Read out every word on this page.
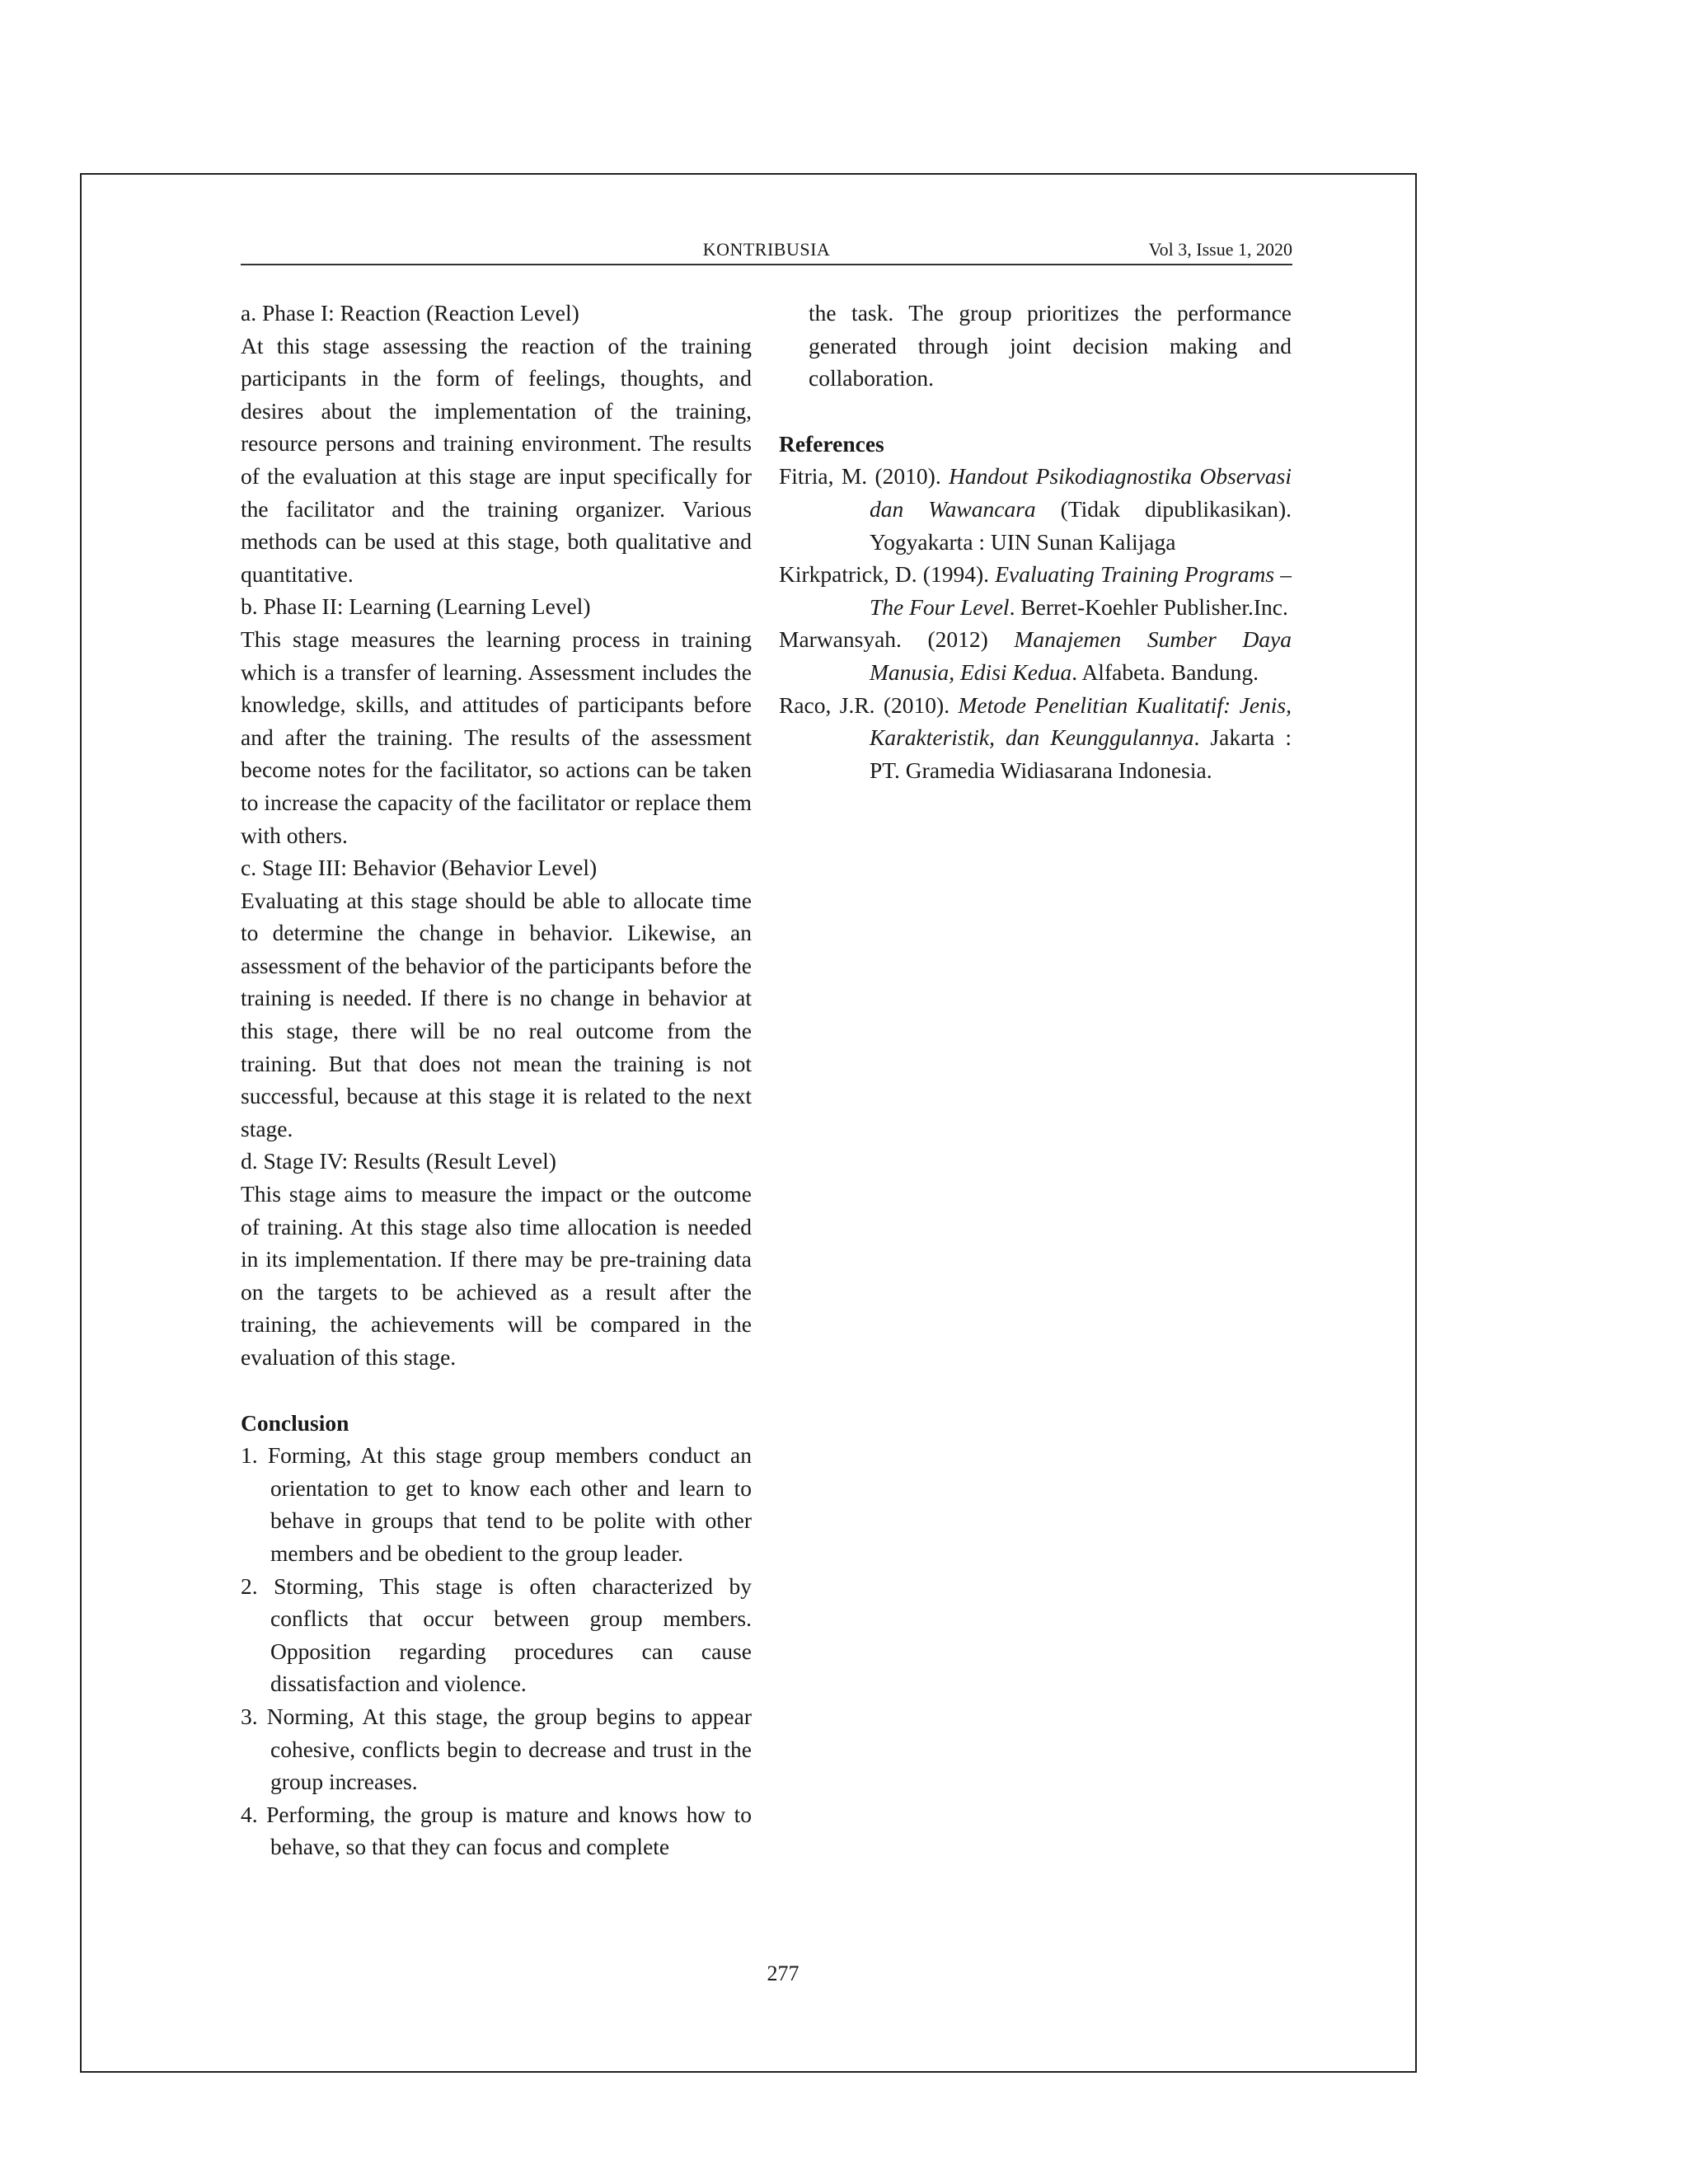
KONTRIBUSIA	Vol 3, Issue 1, 2020
a. Phase I: Reaction (Reaction Level)

At this stage assessing the reaction of the training participants in the form of feelings, thoughts, and desires about the implementation of the training, resource persons and training environment. The results of the evaluation at this stage are input specifically for the facilitator and the training organizer. Various methods can be used at this stage, both qualitative and quantitative.

b. Phase II: Learning (Learning Level)

This stage measures the learning process in training which is a transfer of learning. Assessment includes the knowledge, skills, and attitudes of participants before and after the training. The results of the assessment become notes for the facilitator, so actions can be taken to increase the capacity of the facilitator or replace them with others.

c. Stage III: Behavior (Behavior Level)

Evaluating at this stage should be able to allocate time to determine the change in behavior. Likewise, an assessment of the behavior of the participants before the training is needed. If there is no change in behavior at this stage, there will be no real outcome from the training. But that does not mean the training is not successful, because at this stage it is related to the next stage.

d. Stage IV: Results (Result Level)

This stage aims to measure the impact or the outcome of training. At this stage also time allocation is needed in its implementation. If there may be pre-training data on the targets to be achieved as a result after the training, the achievements will be compared in the evaluation of this stage.

Conclusion
1. Forming, At this stage group members conduct an orientation to get to know each other and learn to behave in groups that tend to be polite with other members and be obedient to the group leader.
2. Storming, This stage is often characterized by conflicts that occur between group members. Opposition regarding procedures can cause dissatisfaction and violence.
3. Norming, At this stage, the group begins to appear cohesive, conflicts begin to decrease and trust in the group increases.
4. Performing, the group is mature and knows how to behave, so that they can focus and complete

the task. The group prioritizes the performance generated through joint decision making and collaboration.

References

Fitria, M. (2010). Handout Psikodiagnostika Observasi dan Wawancara (Tidak dipublikasikan). Yogyakarta : UIN Sunan Kalijaga

Kirkpatrick, D. (1994). Evaluating Training Programs – The Four Level. Berret-Koehler Publisher.Inc.

Marwansyah. (2012) Manajemen Sumber Daya Manusia, Edisi Kedua. Alfabeta. Bandung.

Raco, J.R. (2010). Metode Penelitian Kualitatif: Jenis, Karakteristik, dan Keunggulannya. Jakarta : PT. Gramedia Widiasarana Indonesia.

277
